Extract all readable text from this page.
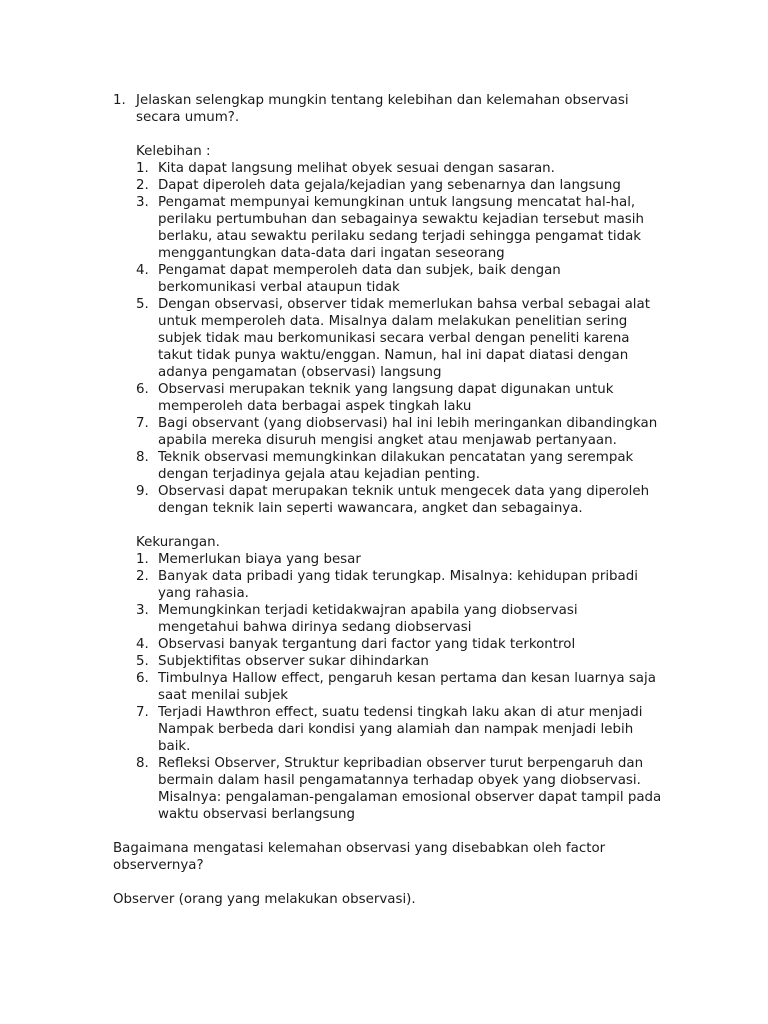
1. Jelaskan selengkap mungkin tentang kelebihan dan kelemahan observasi
secara umum?.
Kelebihan :
1. Kita dapat langsung melihat obyek sesuai dengan sasaran.
2. Dapat diperoleh data gejala/kejadian yang sebenarnya dan langsung
3. Pengamat mempunyai kemungkinan untuk langsung mencatat hal-hal,
perilaku pertumbuhan dan sebagainya sewaktu kejadian tersebut masih
berlaku, atau sewaktu perilaku sedang terjadi sehingga pengamat tidak
menggantungkan data-data dari ingatan seseorang
4. Pengamat dapat memperoleh data dan subjek, baik dengan
berkomunikasi verbal ataupun tidak
5. Dengan observasi, observer tidak memerlukan bahsa verbal sebagai alat
untuk memperoleh data. Misalnya dalam melakukan penelitian sering
subjek tidak mau berkomunikasi secara verbal dengan peneliti karena
takut tidak punya waktu/enggan. Namun, hal ini dapat diatasi dengan
adanya pengamatan (observasi) langsung
6. Observasi merupakan teknik yang langsung dapat digunakan untuk
memperoleh data berbagai aspek tingkah laku
7. Bagi observant (yang diobservasi) hal ini lebih meringankan dibandingkan
apabila mereka disuruh mengisi angket atau menjawab pertanyaan.
8. Teknik observasi memungkinkan dilakukan pencatatan yang serempak
dengan terjadinya gejala atau kejadian penting.
9. Observasi dapat merupakan teknik untuk mengecek data yang diperoleh
dengan teknik lain seperti wawancara, angket dan sebagainya.
Kekurangan.
1. Memerlukan biaya yang besar
2. Banyak data pribadi yang tidak terungkap. Misalnya: kehidupan pribadi
yang rahasia.
3. Memungkinkan terjadi ketidakwajran apabila yang diobservasi
mengetahui bahwa dirinya sedang diobservasi
4. Observasi banyak tergantung dari factor yang tidak terkontrol
5. Subjektifitas observer sukar dihindarkan
6. Timbulnya Hallow effect, pengaruh kesan pertama dan kesan luarnya saja
saat menilai subjek
7. Terjadi Hawthron effect, suatu tedensi tingkah laku akan di atur menjadi
Nampak berbeda dari kondisi yang alamiah dan nampak menjadi lebih
baik.
8. Refleksi Observer, Struktur kepribadian observer turut berpengaruh dan
bermain dalam hasil pengamatannya terhadap obyek yang diobservasi.
Misalnya: pengalaman-pengalaman emosional observer dapat tampil pada
waktu observasi berlangsung
Bagaimana mengatasi kelemahan observasi yang disebabkan oleh factor
observernya?
Observer (orang yang melakukan observasi).
